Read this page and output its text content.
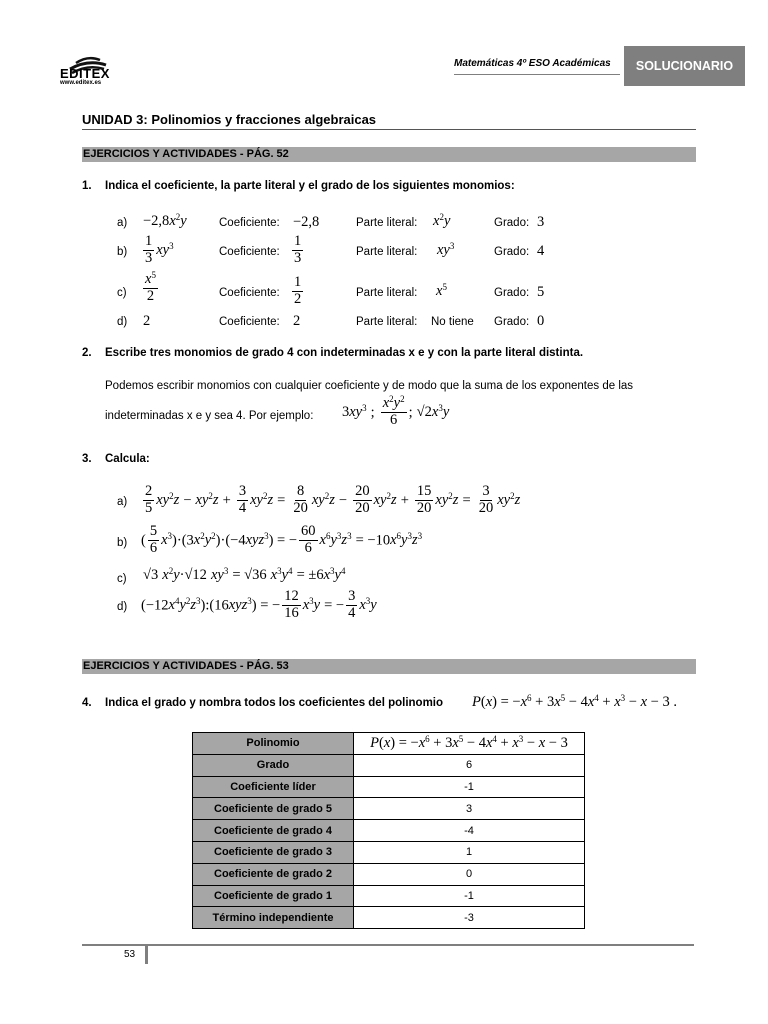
EDITEX
www.editex.es
Matemáticas 4º ESO Académicas	SOLUCIONARIO
UNIDAD 3: Polinomios y fracciones algebraicas
EJERCICIOS Y ACTIVIDADES - PÁG. 52
1. Indica el coeficiente, la parte literal y el grado de los siguientes monomios:
$a) -2,8x^2y$	Coeficiente: −2,8	Parte literal: $x^2y$	Grado: 3
$b) \frac{1}{3} xy^3$	Coeficiente: $\frac{1}{3}$	Parte literal: $xy^3$	Grado: 4
$c) \frac{x^5}{2}$	Coeficiente: $\frac{1}{2}$	Parte literal: $x^5$	Grado: 5
d) 2	Coeficiente: 2	Parte literal: No tiene Grado: 0
2. Escribe tres monomios de grado 4 con indeterminadas x e y con la parte literal distinta.
Podemos escribir monomios con cualquier coeficiente y de modo que la suma de los exponentes de las
indeterminadas x e y sea 4. Por ejemplo: $3xy^3$ ; $\frac{x^2y^2}{6}$ ; $√2x^3y$
3. Calcula:
$a) \frac{2}{5} xy^2z - xy^2z + \frac{3}{4} xy^2z = \frac{8}{20} xy^2z - \frac{20}{20} xy^2z + \frac{15}{20} xy^2z = \frac{3}{20} xy^2z$
b) ( $\frac{5}{6} x^3)\cdot(3x^2y^2)\cdot(-4xyz^3)$ = − $\frac{60}{6} x^6y^3z^3 = -10x^6y^3z^3$
c) √3 $x^2y\cdot√12$ $xy^3 = √36$ $x^3y^4 = \pm 6x^3y^4$
d) $(-12x^4y^2z^3):(16xyz^3)$ = − $\frac{12}{16} x^3y$ = − $\frac{3}{4} x^3y$
EJERCICIOS Y ACTIVIDADES - PÁG. 53
4. Indica el grado y nombra todos los coeficientes del polinomio $P(x) = -x^6 + 3x^5 - 4x^4 + x^3 - x - 3$ .
Polinomio	$P(x) = -x^6 + 3x^5 - 4x^4 + x^3 - x - 3$
Grado	6
Coeficiente líder	-1
Coeficiente de grado 5	3
Coeficiente de grado 4	-4
Coeficiente de grado 3	1
Coeficiente de grado 2	0
Coeficiente de grado 1	-1
Término independiente	-3
53
